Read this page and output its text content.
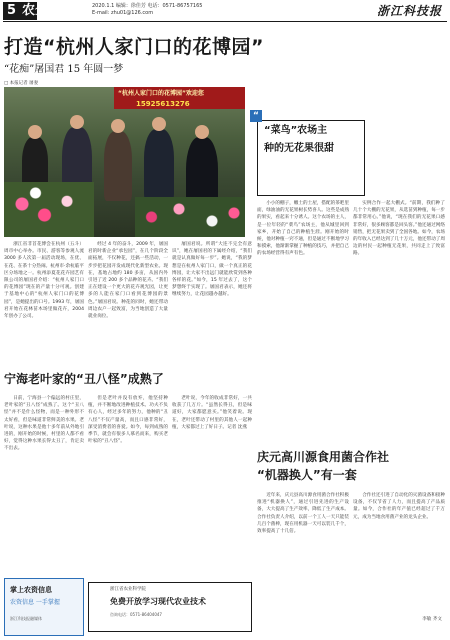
5 农企	2020.1.1 编辑：徐佳芳 电话：0571-86757165
E-mail: zhu01@126.com	浙江科技报
打造“杭州人家门口的花博园”
“花痴”屠国君 15 年圆一梦
□ 本报记者 屠妻
“杭州人家门口的花博园”欢迎您
15925613276

浙江省非首花博会在杭州（五斗）周市中心举办。市民、游客等参观人流 3000 多人次第一届活动现场，在优、在花、在茶十分热闹。杭州市·余杭临平区分场地之一。杭州添夏花花卉园艺有限公司的屠国君介绍：“杭州人家门口的花博园”现在的产量十分可观。创建于基地中心的“杭州人家门口的花博园”，是她提出的口号。1993 年，屠国君开始在花林苗木场里做花卉，2004 年创办了公司。

经过 4 年的奋斗，2009 年，屠国君的时新企业“承包园”，在几个阶段全面拓展，不仅种花，还搞一些活动，一步步把花园开发成现代化新型农业。现在，基地占地约 180 多亩，从国内外引进了近 200 多个品种的花卉。“我们正在建设一个更大的花卉观光园，让更多的人能在家门口看到花博园的景色。”屠国君说。种花的同时，她还带动周边农户一起致富，为当地创造了大量就业岗位。

屠国君说。所谓“大连不完全有意识”，她在屠国君的下属经介绍，“我们就是认真做好每一步”。她说，“我的梦想是在杭州人家门口，做一个真正的花博园，让大家不出远门就能欣赏到各种各样的花。”如今，15 年过去了，这个梦想终于实现了。屠国君表示，她还将继续努力，让花园越办越好。

“
“菜鸟”农场主
种的无花果很甜

小小的棚子，嫩土的土屋，搭配的茶吧里面，绿油油的无花果树长势喜人。这些是成熟的果实，看起来十分诱人。这个农场的主人，是一位年轻的“菜鸟”农场主，他从城里回到家乡，开始了自己的种植生涯。刚开始的时候，他对种植一窍不通，但是通过不断地学习和摸索，他渐渐掌握了种植的技巧，并把自己的农场经营得有声有色。

实例合作一起大棚式。“前期，我们种了几十个大棚的无花果，从选苗到种植，每一步都非常用心。”他说，“现在我们的无花果口感非常好，很多顾客都是回头客。”他还通过网络销售，把无花果卖到了全国各地。如今，农场的年收入已经达到了几十万元，他还带动了周边的村民一起种植无花果，共同走上了致富路。

宁海老叶家的“丑八怪”成熟了

日前，宁海县一个偏远的村庄里，老叶家的“丑八怪”成熟了。这个“丑八怪”并不是什么怪物，而是一种外形不太好看，但是味道非常鲜美的水果。老叶说，这种水果是他十多年前从外地引进的，刚开始的时候，村里的人都不看好，觉得这种水果长得太丑了，肯定卖不出去。

但是老叶并没有放弃，他坚持种植，并不断地改进种植技术。功夫不负有心人，经过多年的努力，他种的“丑八怪”不仅产量高，而且口感非常好，深受消费者的喜爱。如今，每到成熟的季节，就会有很多人慕名而来，购买老叶家的“丑八怪”。

老叶说，今年的收成非常好，一共收获了几万斤。“虽然长得丑，但是味道好，大家都愿意买。”他笑着说。现在，老叶还带动了村里的其他人一起种植，大家都过上了好日子。记者 沈燕

庆元高川源食用菌合作社
“机器换人”有一套

近年来，庆元县高川源食用菌合作社积极推进“机器换人”，通过引进先进的生产设备，大大提高了生产效率，降低了生产成本。合作社负责人介绍，以前一个工人一天只能装几百个菌棒，现在用机器一天可以装几千个，效率提高了十几倍。

合作社还引进了自动化的灭菌设备和接种设备，不仅节省了人力，而且提高了产品质量。如今，合作社的年产值已经超过了千万元，成为当地食用菌产业的龙头企业。

李敏 齐文
掌上农资信息
农资信息 一手掌握
浙江科技报融媒体
浙江省农业科学院
免费开放学习现代农业技术
咨询电话：0571-86404047
